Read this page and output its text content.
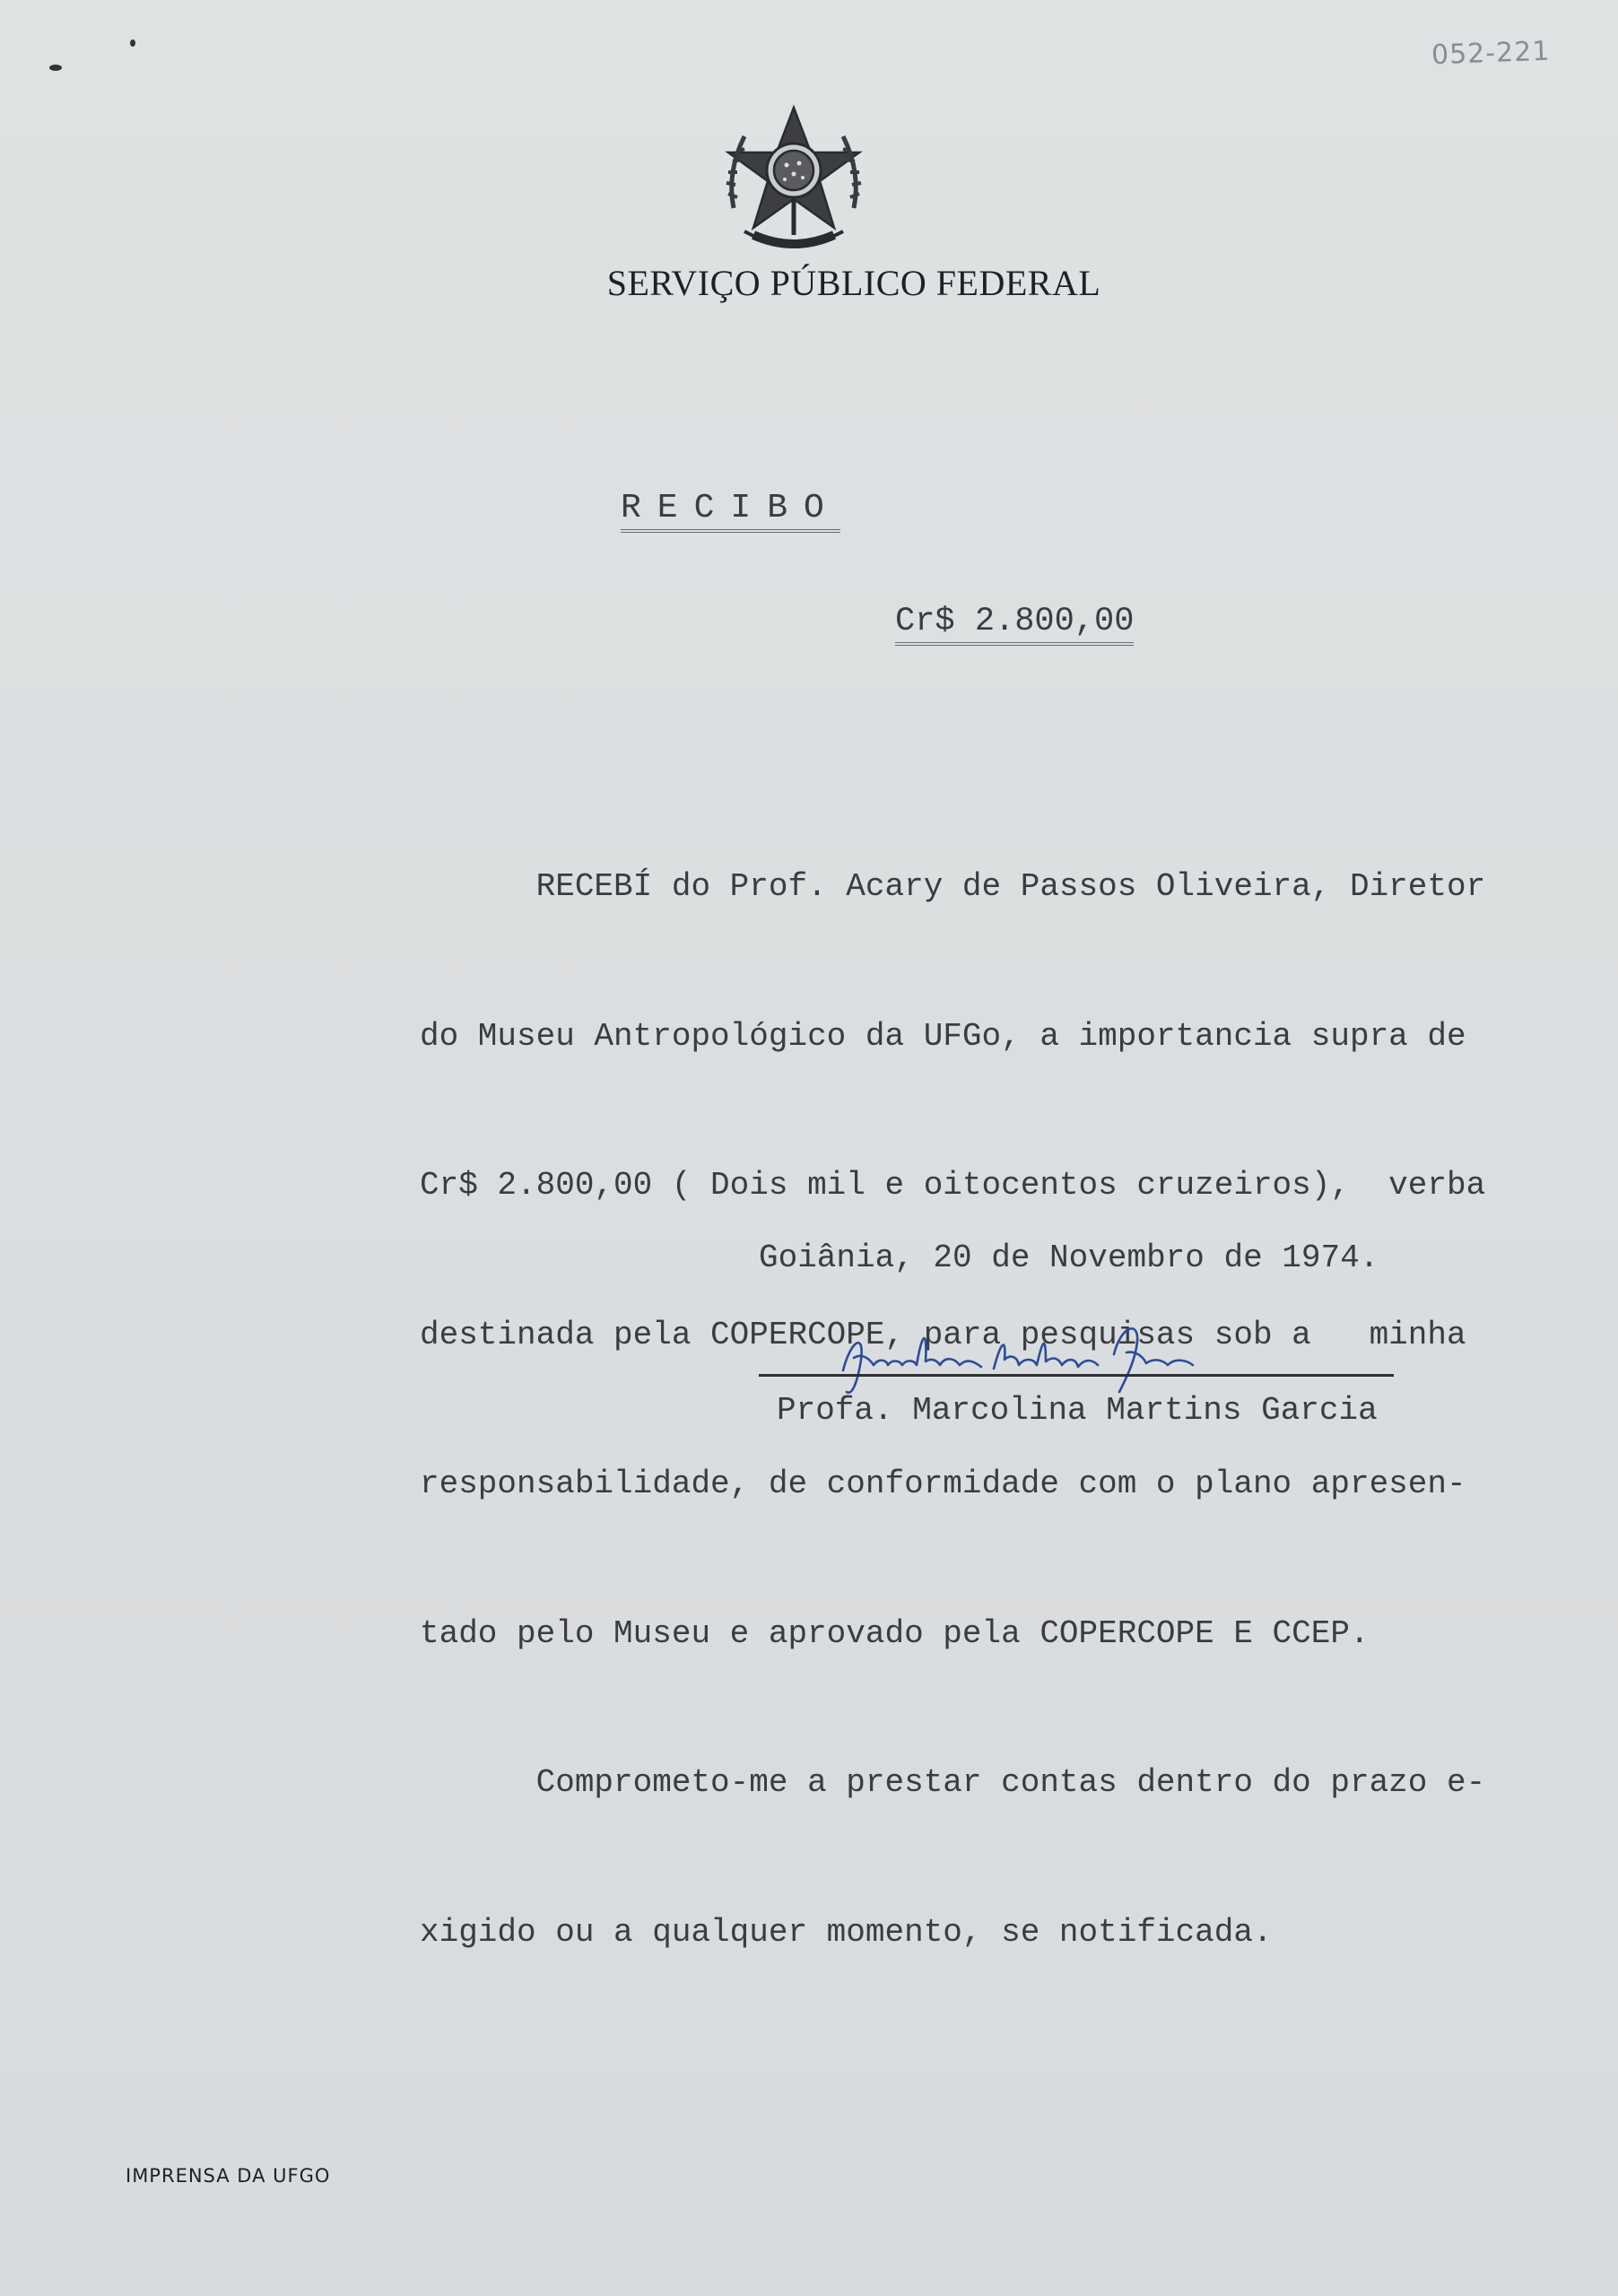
052-221
SERVIÇO PÚBLICO FEDERAL
RECIBO
Cr$ 2.800,00

RECEBÍ do Prof. Acary de Passos Oliveira, Diretor

do Museu Antropológico da UFGo, a importancia supra de

Cr$ 2.800,00 ( Dois mil e oitocentos cruzeiros),  verba

destinada pela COPERCOPE, para pesquisas sob a   minha

responsabilidade, de conformidade com o plano apresen-

tado pelo Museu e aprovado pela COPERCOPE E CCEP.

Comprometo-me a prestar contas dentro do prazo e-

xigido ou a qualquer momento, se notificada.

Goiânia, 20 de Novembro de 1974.
Profa. Marcolina Martins Garcia
IMPRENSA DA UFGO
